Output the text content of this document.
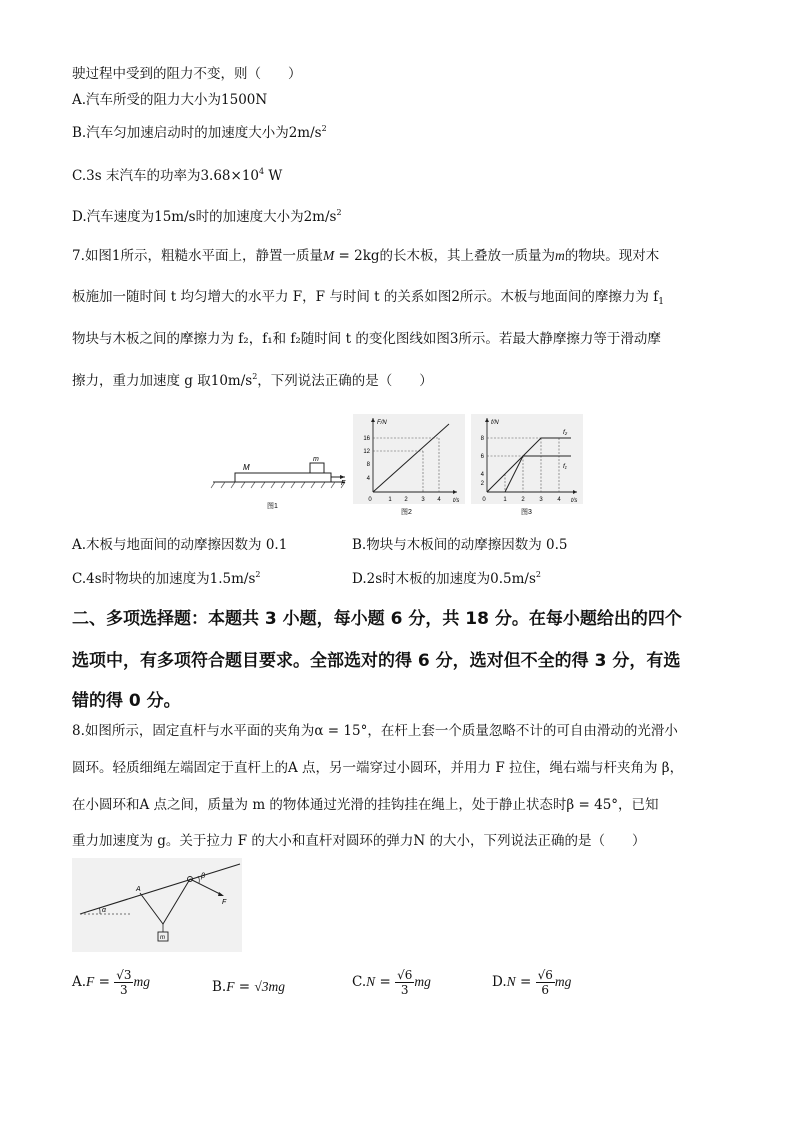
驶过程中受到的阻力不变，则（　　）
A.汽车所受的阻力大小为1500N
B.汽车匀加速启动时的加速度大小为$2m/s^2$
C.3s 末汽车的功率为$3.68\times 10^4$ W
D.汽车速度为15m/s时的加速度大小为$2m/s^2$
7.如图1所示，粗糙水平面上，静置一质量M = 2kg的长木板，其上叠放一质量为m的物块。现对木
板施加一随时间 t 均匀增大的水平力 F，F 与时间 t 的关系如图2所示。木板与地面间的摩擦力为 $f_1$
物块与木板之间的摩擦力为 f₂，f₁和 f₂随时间 t 的变化图线如图3所示。若最大静摩擦力等于滑动摩
擦力，重力加速度 g 取$10m/s^2$，下列说法正确的是（　　）
M
m
F
图1
F/N
t/s
16
12
8
4
0	1 2 3 4
图2
f/N
t/s
8
6
4
2
0	1 2 3 4
f₂
f₁
图3
A.木板与地面间的动摩擦因数为 0.1	B.物块与木板间的动摩擦因数为 0.5
C.4s时物块的加速度为$1.5m/s^2$	D.2s时木板的加速度为$0.5m/s^2$
二、多项选择题：本题共 3 小题，每小题 6 分，共 18 分。在每小题给出的四个
选项中，有多项符合题目要求。全部选对的得 6 分，选对但不全的得 3 分，有选
错的得 0 分。
8.如图所示，固定直杆与水平面的夹角为α = 15°，在杆上套一个质量忽略不计的可自由滑动的光滑小
圆环。轻质细绳左端固定于直杆上的A 点，另一端穿过小圆环，并用力 F 拉住，绳右端与杆夹角为 β，
在小圆环和A 点之间，质量为 m 的物体通过光滑的挂钩挂在绳上，处于静止状态时β = 45°，已知
重力加速度为 g。关于拉力 F 的大小和直杆对圆环的弹力N 的大小，下列说法正确的是（　　）
α
A
β
F
m
$A.F = \frac{√3}{3}$ mg	B.F = √3mg	$C.N = \frac{√6}{3}$ mg	$D.N = \frac{√6}{6}$ mg
